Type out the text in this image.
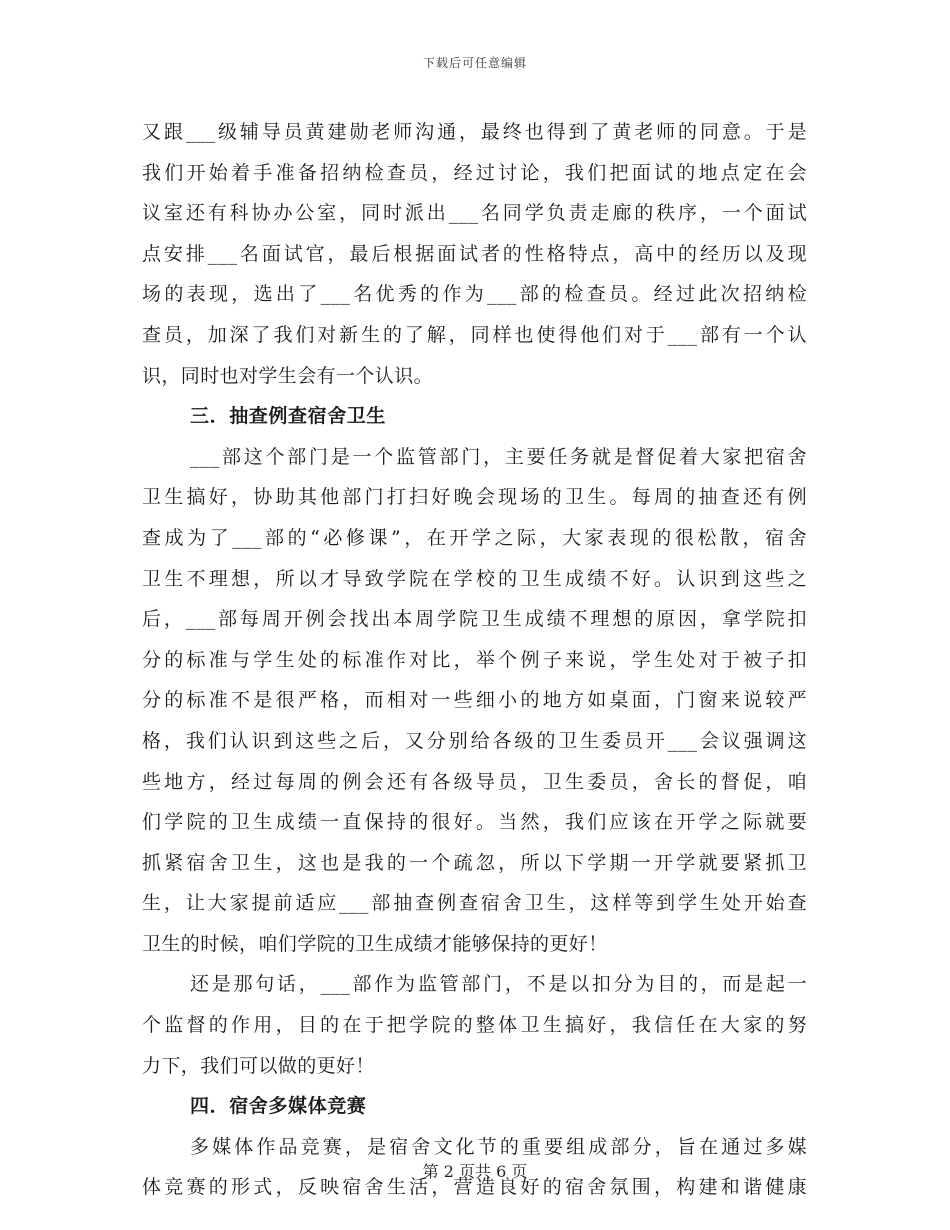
下载后可任意编辑
又跟___级辅导员黄建勋老师沟通，最终也得到了黄老师的同意。于是
我们开始着手准备招纳检查员，经过讨论，我们把面试的地点定在会
议室还有科协办公室，同时派出___名同学负责走廊的秩序，一个面试
点安排___名面试官，最后根据面试者的性格特点，高中的经历以及现
场的表现，选出了___名优秀的作为___部的检查员。经过此次招纳检
查员，加深了我们对新生的了解，同样也使得他们对于___部有一个认
识，同时也对学生会有一个认识。
三．抽查例查宿舍卫生
___部这个部门是一个监管部门，主要任务就是督促着大家把宿舍
卫生搞好，协助其他部门打扫好晚会现场的卫生。每周的抽查还有例
查成为了___部的“必修课”，在开学之际，大家表现的很松散，宿舍
卫生不理想，所以才导致学院在学校的卫生成绩不好。认识到这些之
后，___部每周开例会找出本周学院卫生成绩不理想的原因，拿学院扣
分的标准与学生处的标准作对比，举个例子来说，学生处对于被子扣
分的标准不是很严格，而相对一些细小的地方如桌面，门窗来说较严
格，我们认识到这些之后，又分别给各级的卫生委员开___会议强调这
些地方，经过每周的例会还有各级导员，卫生委员，舍长的督促，咱
们学院的卫生成绩一直保持的很好。当然，我们应该在开学之际就要
抓紧宿舍卫生，这也是我的一个疏忽，所以下学期一开学就要紧抓卫
生，让大家提前适应___部抽查例查宿舍卫生，这样等到学生处开始查
卫生的时候，咱们学院的卫生成绩才能够保持的更好！
还是那句话，___部作为监管部门，不是以扣分为目的，而是起一
个监督的作用，目的在于把学院的整体卫生搞好，我信任在大家的努
力下，我们可以做的更好！
四．宿舍多媒体竞赛
多媒体作品竞赛，是宿舍文化节的重要组成部分，旨在通过多媒
体竞赛的形式，反映宿舍生活，营造良好的宿舍氛围，构建和谐健康
第 2 页共 6 页
